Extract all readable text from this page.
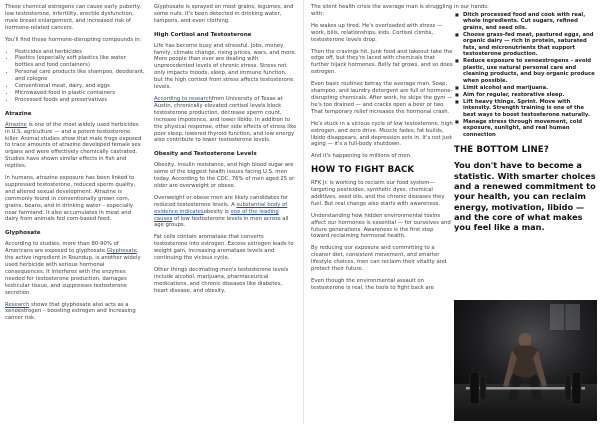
These chemical estrogens can cause early puberty, low testosterone, infertility, erectile dysfunction, male breast enlargement, and increased risk of hormone-related cancers.

You'll find these hormone-disrupting compounds in:

• Pesticides and herbicides
• Plastics (especially soft plastics like water bottles and food containers)
• Personal care products like shampoo, deodorant, and cologne
• Conventional meat, dairy, and eggs
• Microwaved food in plastic containers
• Processed foods and preservatives
Atrazine

Atrazine is one of the most widely used herbicides in U.S. agriculture — and a potent testosterone killer. Animal studies show that male frogs exposed to trace amounts of atrazine developed female sex organs and were effectively chemically castrated. Studies have shown similar effects in fish and reptiles.

In humans, atrazine exposure has been linked to suppressed testosterone, reduced sperm quality, and altered sexual development. Atrazine is commonly found in conventionally grown corn, grains, beans, and in drinking water – especially near farmland. It also accumulates in meat and dairy from animals fed corn-based feed.

Glyphosate

According to studies, more than 80-90% of Americans are exposed to glyphosate.Glyphosate, the active ingredient in Roundup, is another widely used herbicide with serious hormonal consequences. It interferes with the enzymes needed for testosterone production, damages testicular tissue, and suppresses testosterone secretion.

Research shows that glyphosate also acts as a xenoestrogen – boosting estrogen and increasing cancer risk.

Glyphosate is sprayed on most grains, legumes, and some nuts. It's been detected in drinking water, tampons, and even clothing.

High Cortisol and Testosterone

Life has become busy and stressful. Jobs, money, family, climate change, rising prices, wars, and more. More people than ever are dealing with unprecedented levels of chronic stress. Stress not only impacts moods, sleep, and immune function, but the high cortisol from stress affects testosterone levels.

According to researchfrom University of Texas at Austin, chronically elevated cortisol levels block testosterone production, decrease sperm count, increase impotence, and lower libido. In addition to the physical response, other side effects of stress like poor sleep, lowered thyroid function, and low energy also contribute to lower testosterone levels.

Obesity and Testosterone Levels

Obesity, insulin resistance, and high blood sugar are some of the biggest health issues facing U.S. men today. According to the CDC, 76% of men aged 25 or older are overweight or obese.

Overweight or obese men are likely candidates for reduced testosterone levels. A substantial body of evidence indicatesobesity is one of the leading causes of low testosterone levels in men across all age groups.

Fat cells contain aromatase that converts testosterone into estrogen. Excess estrogen leads to weight gain, increasing aromatase levels and continuing the vicious cycle.

Other things decimating men's testosterone levels include alcohol, marijuana, pharmaceutical medications, and chronic diseases like diabetes, heart disease, and obesity.

The silent health crisis the average man is struggling with:

He wakes up tired. He's overloaded with stress — work, bills, relationships, kids. Cortisol climbs, testosterone levels drop.

Then the cravings hit. Junk food and takeout take the edge off, but they're laced with chemicals that further hijack hormones. Belly fat grows, and so does estrogen.

Even basic routines betray the average man. Soap, shampoo, and laundry detergent are full of hormone-disrupting chemicals. After work, he skips the gym — he's too drained — and cracks open a beer or two. That temporary relief increases the hormonal crash.

He's stuck in a vicious cycle of low testosterone, high estrogen, and zero drive. Muscle fades, fat builds, libido disappears, and depression sets in. It's not just aging — it's a full-body shutdown.

And it's happening to millions of men.

HOW TO FIGHT BACK

RFK Jr. is working to reclaim our food system—targeting pesticides, synthetic dyes, chemical additives, seed oils, and the chronic diseases they fuel. But real change also starts with awareness.

Understanding how hidden environmental toxins affect our hormones is essential — for ourselves and future generations. Awareness is the first step toward reclaiming hormonal health.

By reducing our exposure and committing to a cleaner diet, consistent movement, and smarter lifestyle choices, men can reclaim their vitality and protect their future.

Even though the environmental assault on testosterone is real, the tools to fight back are

in our hands:

■ Ditch processed food and cook with real, whole ingredients. Cut sugars, refined grains, and seed oils.
■ Choose grass-fed meat, pastured eggs, and organic dairy — rich in protein, saturated fats, and micronutrients that support testosterone production.
■ Reduce exposure to xenoestrogens – avoid plastic, use natural personal care and cleaning products, and buy organic produce when possible.
■ Limit alcohol and marijuana.
■ Aim for regular, restorative sleep.
■ Lift heavy things. Sprint. Move with intensity. Strength training is one of the best ways to boost testosterone naturally.
■ Manage stress through movement, cold exposure, sunlight, and real human connection
THE BOTTOM LINE?

You don't have to become a statistic. With smarter choices and a renewed commitment to your health, you can reclaim energy, motivation, libido — and the core of what makes you feel like a man.
